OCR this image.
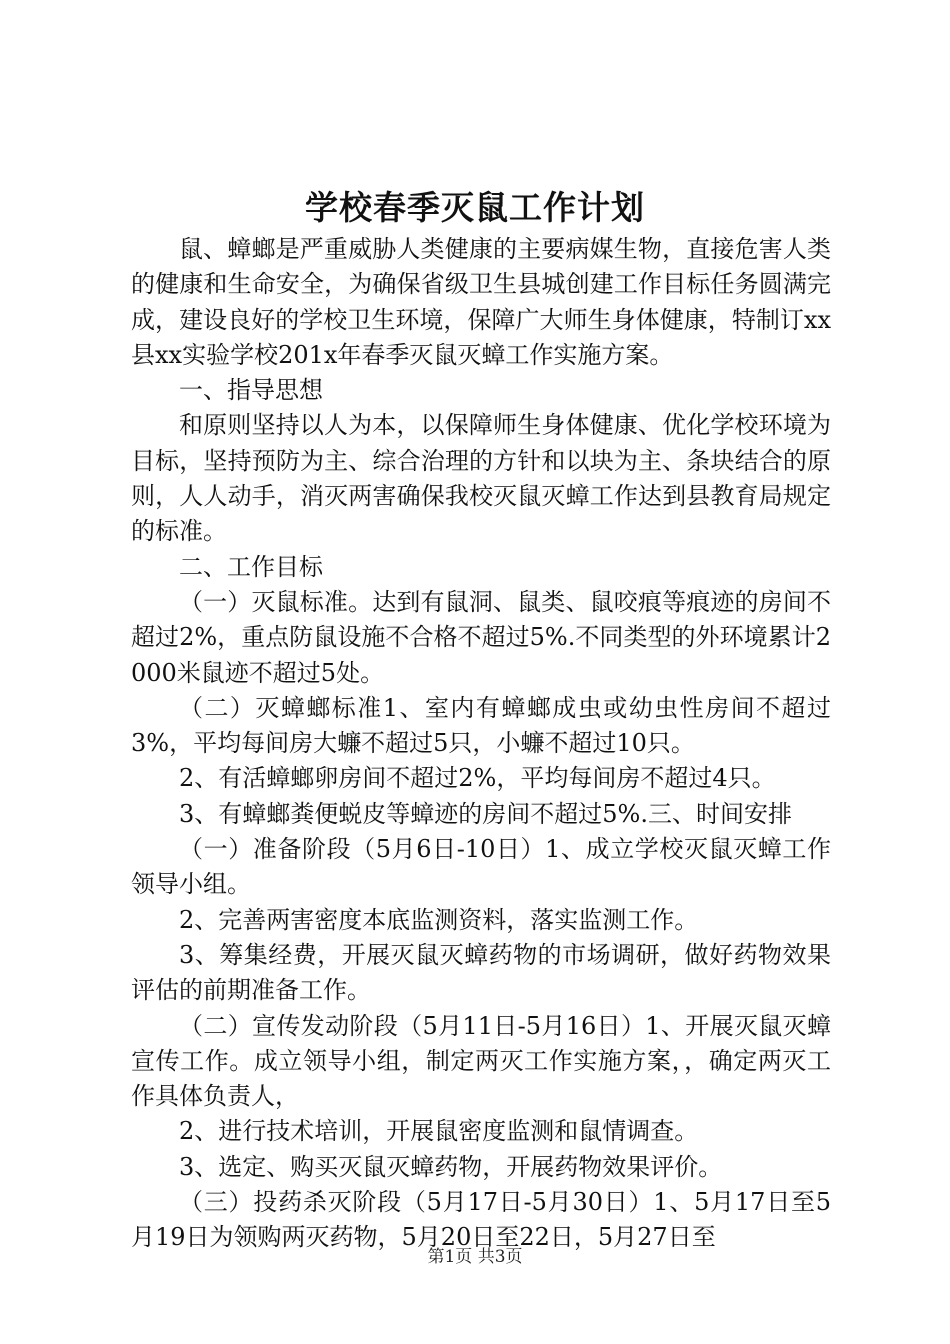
学校春季灭鼠工作计划

鼠、蟑螂是严重威胁人类健康的主要病媒生物，直接危害人类的健康和生命安全，为确保省级卫生县城创建工作目标任务圆满完成，建设良好的学校卫生环境，保障广大师生身体健康，特制订xx县xx实验学校201x年春季灭鼠灭蟑工作实施方案。

一、指导思想

和原则坚持以人为本，以保障师生身体健康、优化学校环境为目标，坚持预防为主、综合治理的方针和以块为主、条块结合的原则，人人动手，消灭两害确保我校灭鼠灭蟑工作达到县教育局规定的标准。

二、工作目标

（一）灭鼠标准。达到有鼠洞、鼠类、鼠咬痕等痕迹的房间不超过2%，重点防鼠设施不合格不超过5%.不同类型的外环境累计2000米鼠迹不超过5处。

（二）灭蟑螂标准1、室内有蟑螂成虫或幼虫性房间不超过3%，平均每间房大蠊不超过5只，小蠊不超过10只。

2、有活蟑螂卵房间不超过2%，平均每间房不超过4只。

3、有蟑螂粪便蜕皮等蟑迹的房间不超过5%.三、时间安排

（一）准备阶段（5月6日-10日）1、成立学校灭鼠灭蟑工作领导小组。

2、完善两害密度本底监测资料，落实监测工作。

3、筹集经费，开展灭鼠灭蟑药物的市场调研，做好药物效果评估的前期准备工作。

（二）宣传发动阶段（5月11日-5月16日）1、开展灭鼠灭蟑宣传工作。成立领导小组，制定两灭工作实施方案，，确定两灭工作具体负责人，

2、进行技术培训，开展鼠密度监测和鼠情调查。

3、选定、购买灭鼠灭蟑药物，开展药物效果评价。

（三）投药杀灭阶段（5月17日-5月30日）1、5月17日至5月19日为领购两灭药物，5月20日至22日，5月27日至

第1页 共3页
